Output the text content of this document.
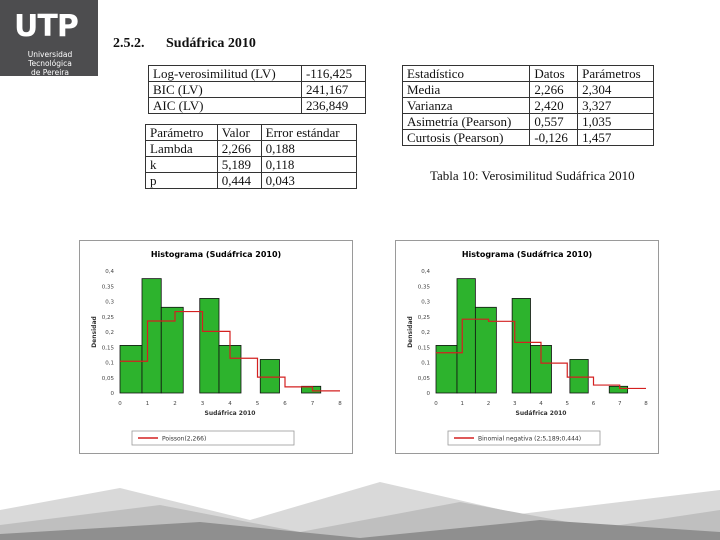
UTP
Universidad Tecnológica
de Pereira
2.5.2. Sudáfrica 2010
Log-verosimilitud (LV)	-116,425
BIC (LV)	241,167
AIC (LV)	236,849
Parámetro	Valor	Error estándar
Lambda	2,266	0,188
k	5,189	0,118
p	0,444	0,043
Estadístico	Datos	Parámetros
Media	2,266	2,304
Varianza	2,420	3,327
Asimetría (Pearson)	0,557	1,035
Curtosis (Pearson)	-0,126	1,457
Tabla 10: Verosimilitud Sudáfrica 2010
Histograma (Sudáfrica 2010)
0
0,05
0,1
0,15
0,2
0,25
0,3
0,35
0,4
0	1	2	3	4	5	6	7	8
Sudáfrica 2010
Densidad
Poisson(2,266)
Histograma (Sudáfrica 2010)
0
0,05
0,1
0,15
0,2
0,25
0,3
0,35
0,4
0	1	2	3	4	5	6	7	8
Sudáfrica 2010
Densidad
Binomial negativa (2;5,189;0,444)
